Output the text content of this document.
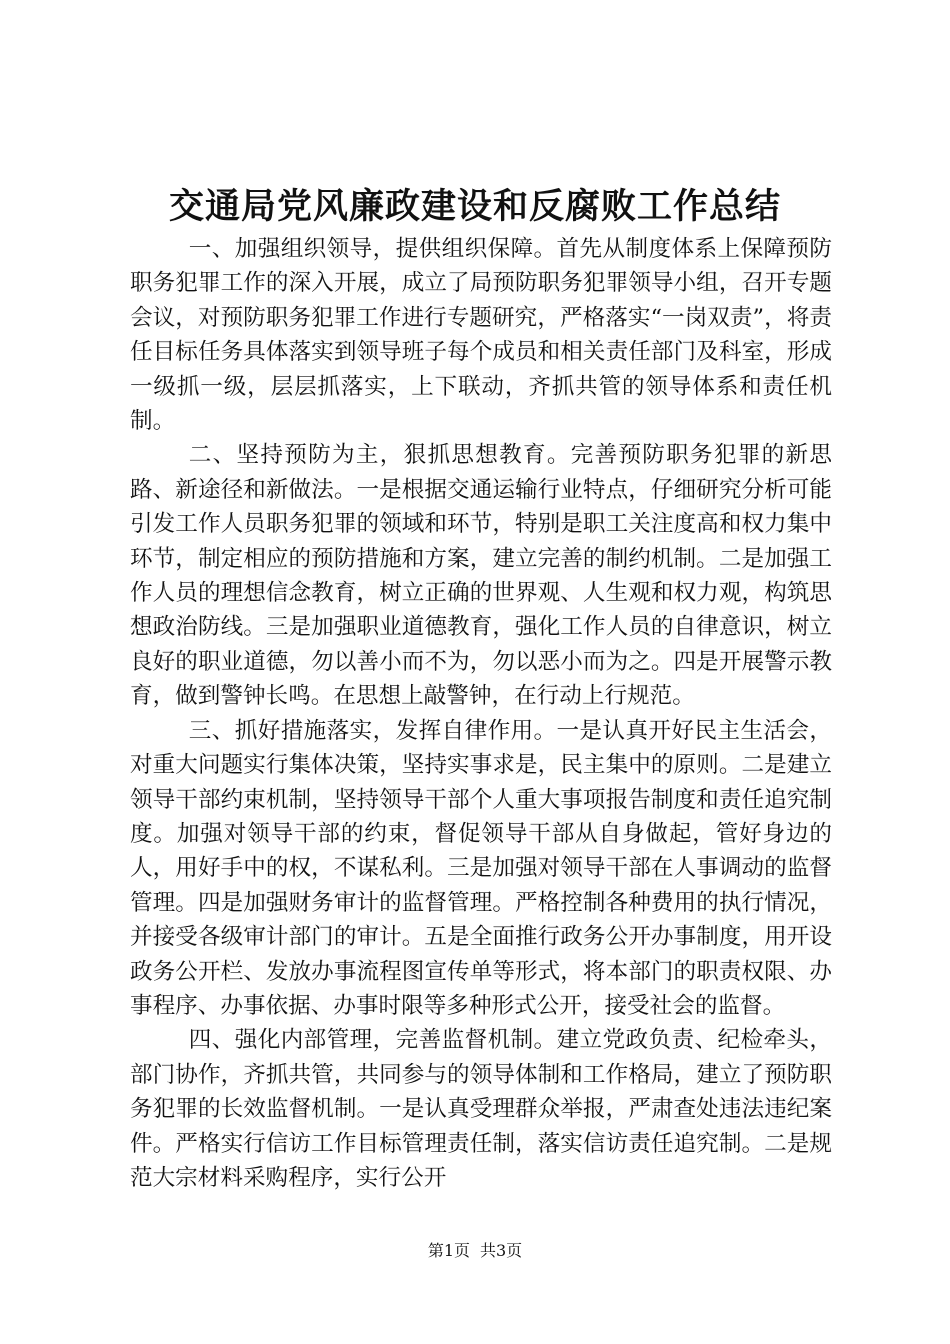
交通局党风廉政建设和反腐败工作总结

一、加强组织领导，提供组织保障。首先从制度体系上保障预防职务犯罪工作的深入开展，成立了局预防职务犯罪领导小组，召开专题会议，对预防职务犯罪工作进行专题研究，严格落实“一岗双责”，将责任目标任务具体落实到领导班子每个成员和相关责任部门及科室，形成一级抓一级，层层抓落实，上下联动，齐抓共管的领导体系和责任机制。

二、坚持预防为主，狠抓思想教育。完善预防职务犯罪的新思路、新途径和新做法。一是根据交通运输行业特点，仔细研究分析可能引发工作人员职务犯罪的领域和环节，特别是职工关注度高和权力集中环节，制定相应的预防措施和方案，建立完善的制约机制。二是加强工作人员的理想信念教育，树立正确的世界观、人生观和权力观，构筑思想政治防线。三是加强职业道德教育，强化工作人员的自律意识，树立良好的职业道德，勿以善小而不为，勿以恶小而为之。四是开展警示教育，做到警钟长鸣。在思想上敲警钟，在行动上行规范。

三、抓好措施落实，发挥自律作用。一是认真开好民主生活会，对重大问题实行集体决策，坚持实事求是，民主集中的原则。二是建立领导干部约束机制，坚持领导干部个人重大事项报告制度和责任追究制度。加强对领导干部的约束，督促领导干部从自身做起，管好身边的人，用好手中的权，不谋私利。三是加强对领导干部在人事调动的监督管理。四是加强财务审计的监督管理。严格控制各种费用的执行情况，并接受各级审计部门的审计。五是全面推行政务公开办事制度，用开设政务公开栏、发放办事流程图宣传单等形式，将本部门的职责权限、办事程序、办事依据、办事时限等多种形式公开，接受社会的监督。

四、强化内部管理，完善监督机制。建立党政负责、纪检牵头，部门协作，齐抓共管，共同参与的领导体制和工作格局，建立了预防职务犯罪的长效监督机制。一是认真受理群众举报，严肃查处违法违纪案件。严格实行信访工作目标管理责任制，落实信访责任追究制。二是规范大宗材料采购程序，实行公开

第1页 共3页
